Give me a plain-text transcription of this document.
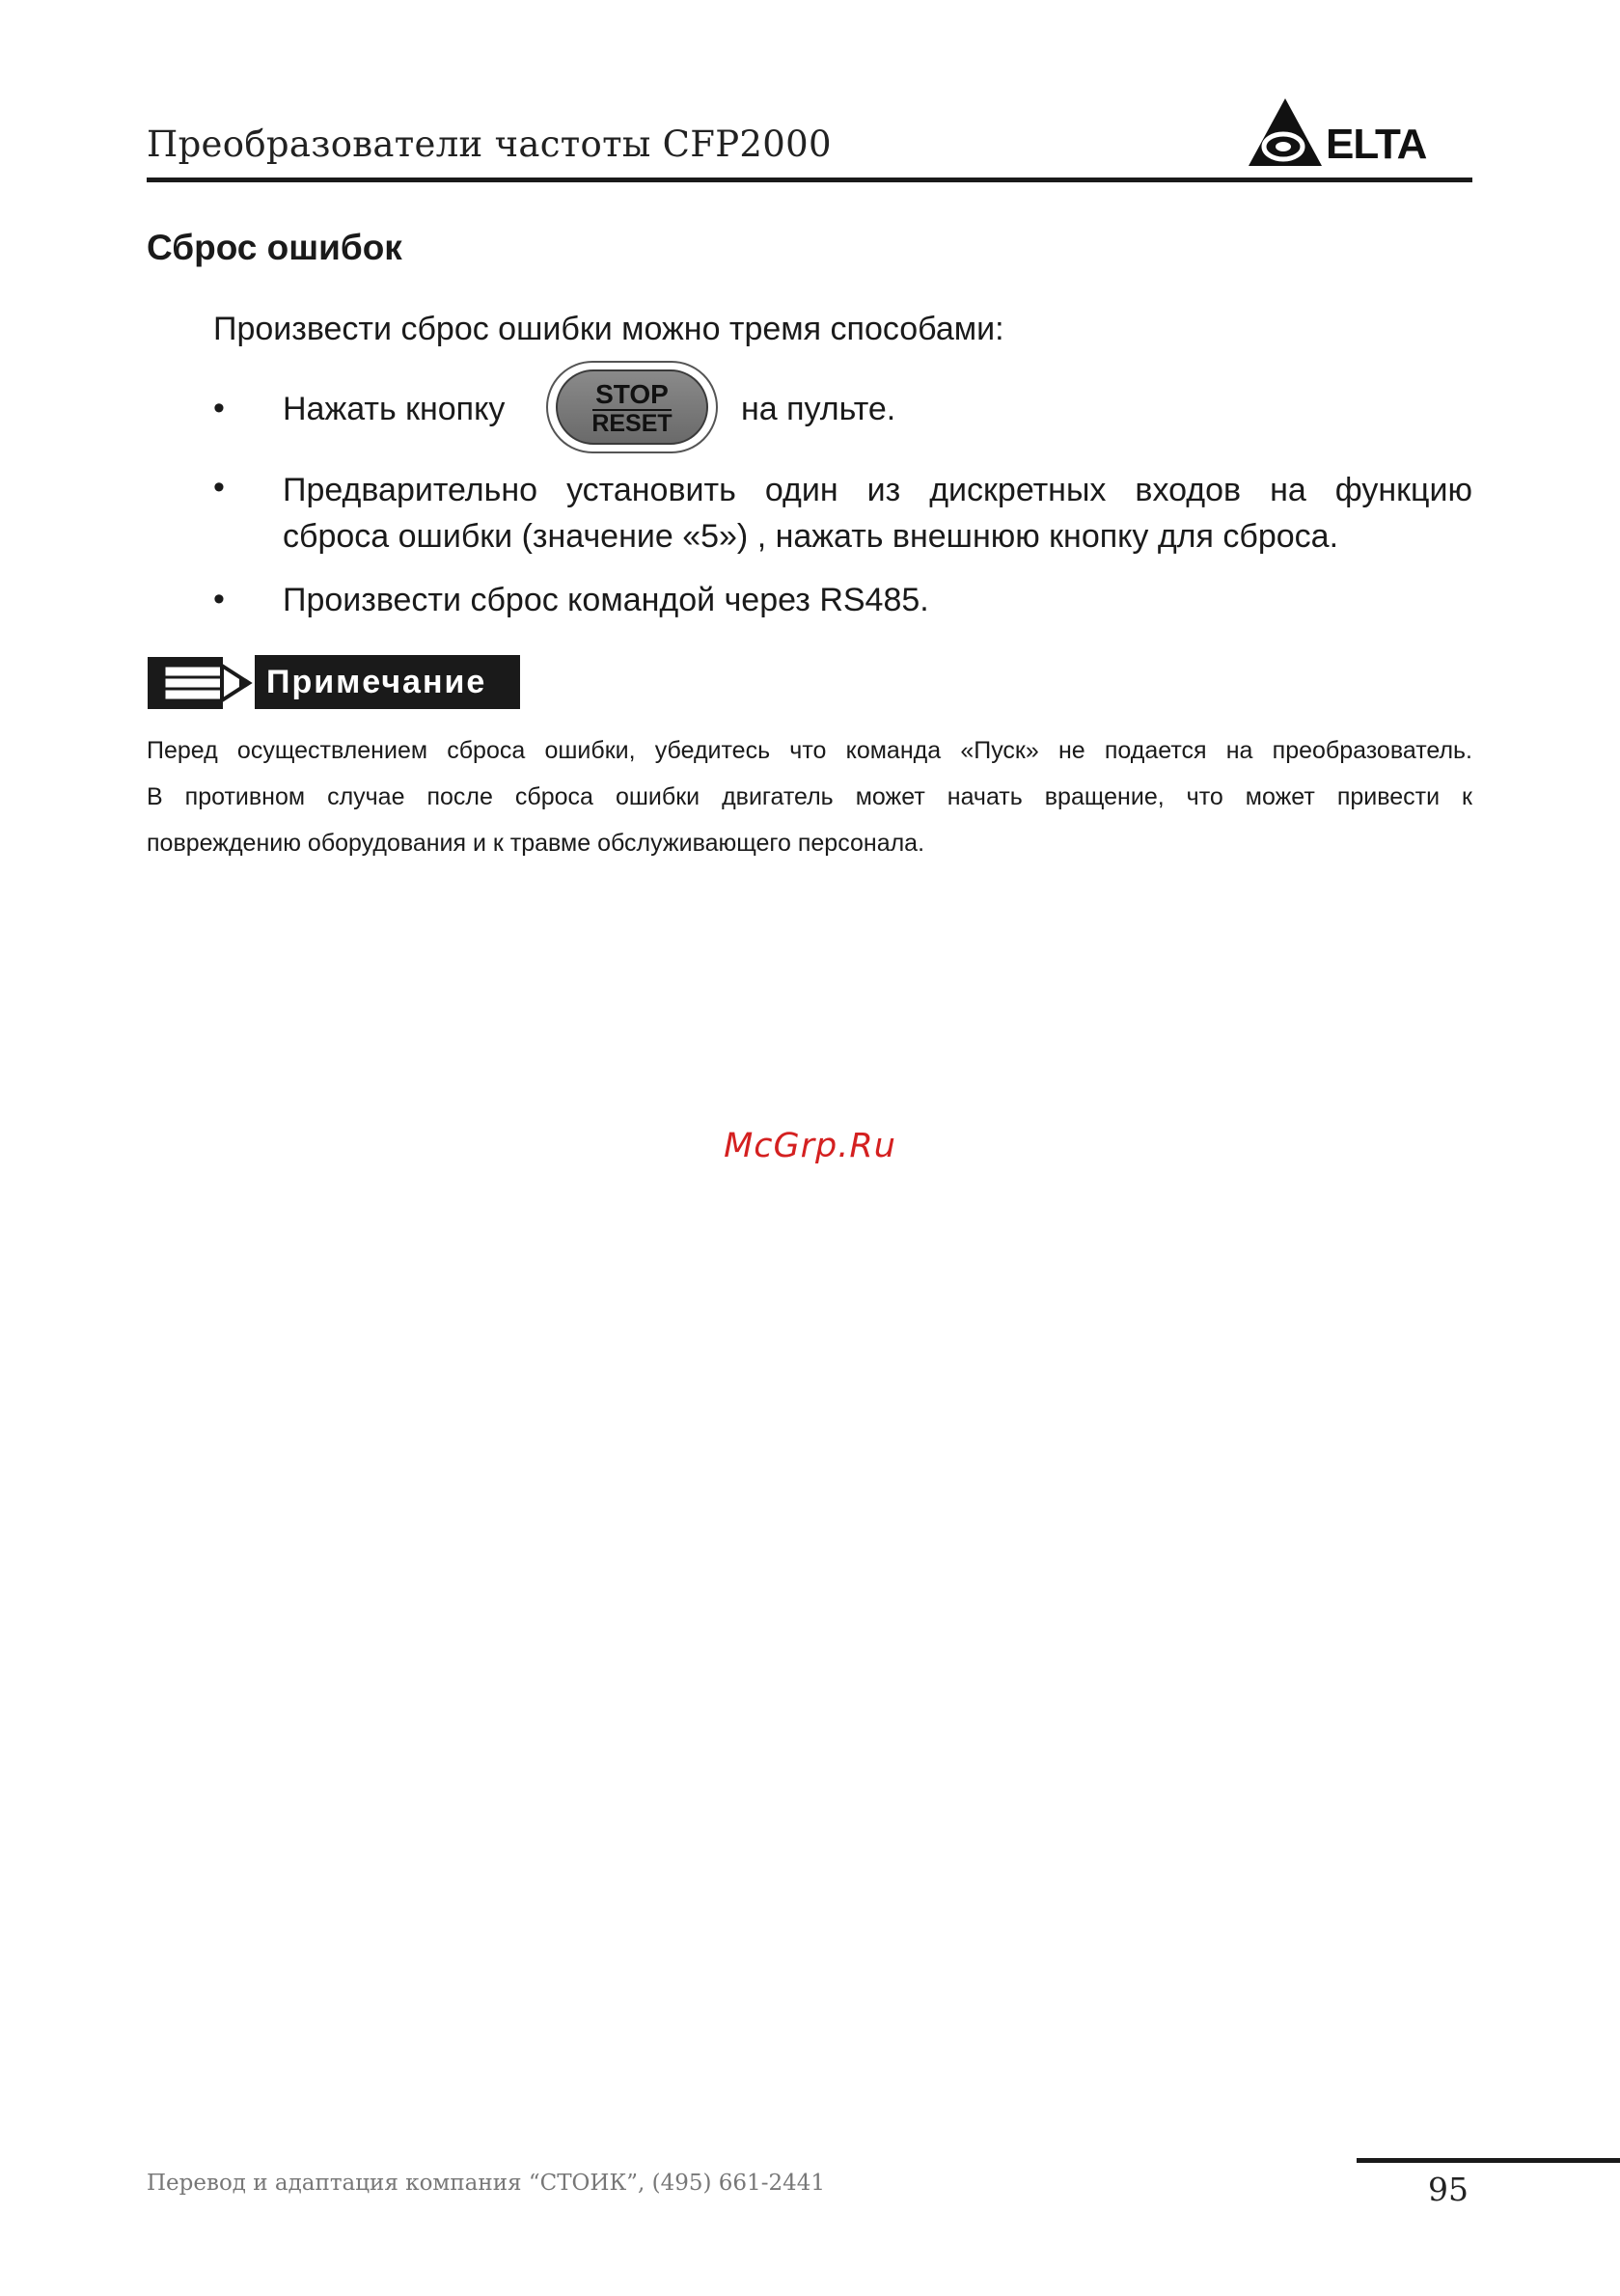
Преобразователи частоты CFP2000	ELTA
Сброс ошибок
Произвести сброс ошибки можно тремя способами:
• Нажать кнопку	STOP
RESET	на пульте.
• Предварительно установить один из дискретных входов на функцию
сброса ошибки (значение «5») , нажать внешнюю кнопку для сброса.
• Произвести сброс командой через RS485.
Примечание
Перед осуществлением сброса ошибки, убедитесь что команда «Пуск» не подается на преобразователь.
В противном случае после сброса ошибки двигатель может начать вращение, что может привести к
повреждению оборудования и к травме обслуживающего персонала.
McGrp.Ru
Перевод и адаптация компания “СТОИК”, (495) 661-2441	95
